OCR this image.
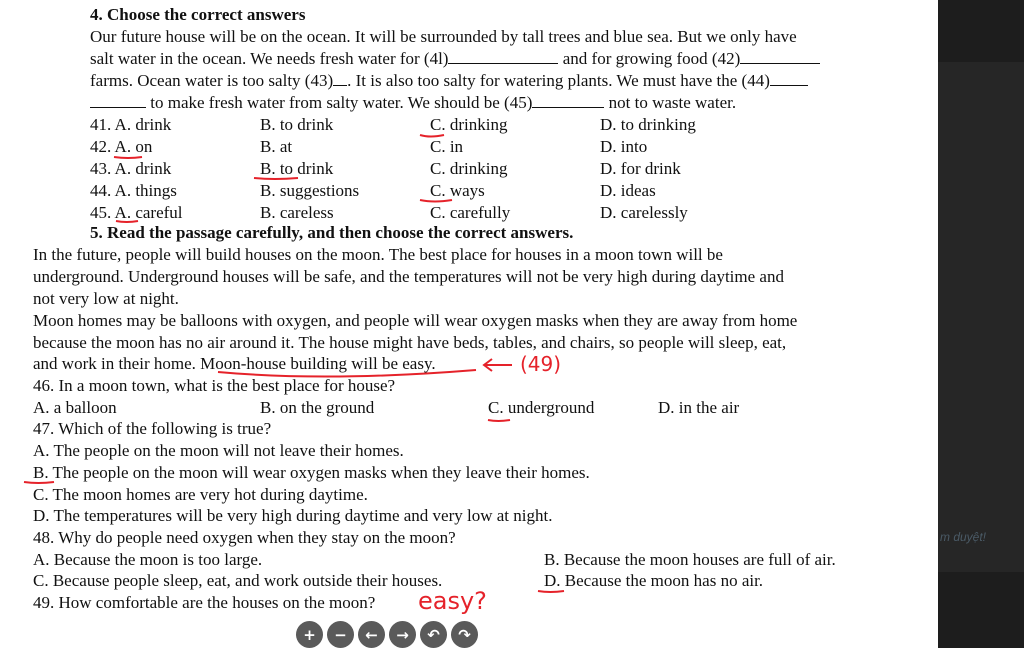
4. Choose the correct answers
Our future house will be on the ocean. It will be surrounded by tall trees and blue sea. But we only have
salt water in the ocean. We needs fresh water for (4l)	and for growing food (42)
farms. Ocean water is too salty (43) . It is also too salty for watering plants. We must have the (44)
to make fresh water from salty water. We should be (45)	not to waste water.
41. A. drink	B. to drink	C. drinking	D. to drinking
42. A. on	B. at	C. in	D. into
43. A. drink	B. to drink	C. drinking	D. for drink
44. A. things	B. suggestions	C. ways	D. ideas
45. A. careful	B. careless	C. carefully	D. carelessly
5. Read the passage carefully, and then choose the correct answers.
In the future, people will build houses on the moon. The best place for houses in a moon town will be
underground. Underground houses will be safe, and the temperatures will not be very high during daytime and
not very low at night.
Moon homes may be balloons with oxygen, and people will wear oxygen masks when they are away from home
because the moon has no air around it. The house might have beds, tables, and chairs, so people will sleep, eat,
and work in their home. Moon-house building will be easy.	(49)
46. In a moon town, what is the best place for house?
A. a balloon	B. on the ground	C. underground	D. in the air
47. Which of the following is true?
A. The people on the moon will not leave their homes.
B. The people on the moon will wear oxygen masks when they leave their homes.
C. The moon homes are very hot during daytime.
D. The temperatures will be very high during daytime and very low at night.
48. Why do people need oxygen when they stay on the moon?
A. Because the moon is too large.	B. Because the moon houses are full of air.
C. Because people sleep, eat, and work outside their houses.	D. Because the moon has no air.
49. How comfortable are the houses on the moon? easy?
+	−	←	→	↶	↷
m duyệt!
